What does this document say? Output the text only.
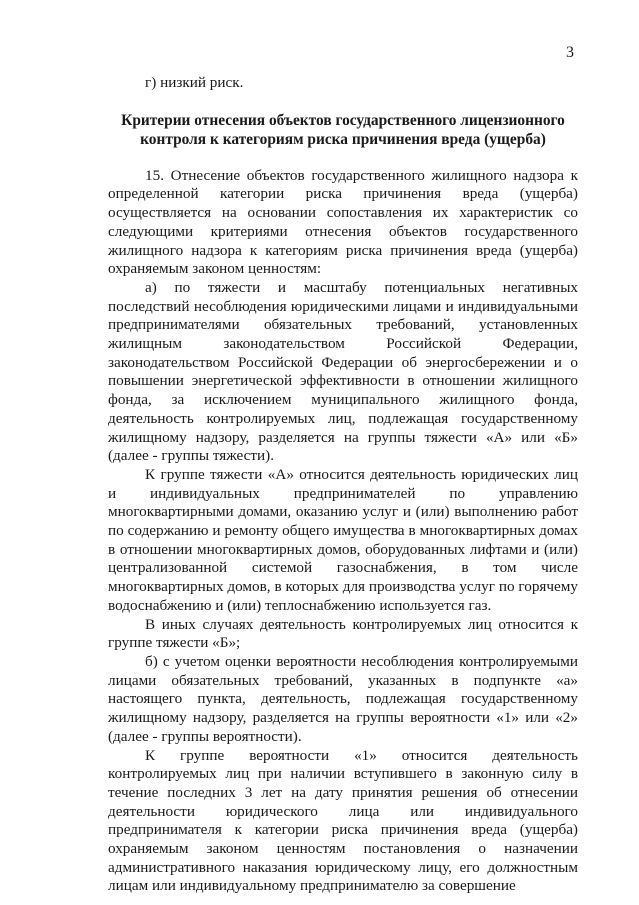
3

г) низкий риск.

Критерии отнесения объектов государственного лицензионного
контроля к категориям риска причинения вреда (ущерба)

15. Отнесение объектов государственного жилищного надзора к определенной категории риска причинения вреда (ущерба) осуществляется на основании сопоставления их характеристик со следующими критериями отнесения объектов государственного жилищного надзора к категориям риска причинения вреда (ущерба) охраняемым законом ценностям:

а) по тяжести и масштабу потенциальных негативных последствий несоблюдения юридическими лицами и индивидуальными предпринимателями обязательных требований, установленных жилищным законодательством Российской Федерации, законодательством Российской Федерации об энергосбережении и о повышении энергетической эффективности в отношении жилищного фонда, за исключением муниципального жилищного фонда, деятельность контролируемых лиц, подлежащая государственному жилищному надзору, разделяется на группы тяжести «А» или «Б» (далее - группы тяжести).

К группе тяжести «А» относится деятельность юридических лиц и индивидуальных предпринимателей по управлению многоквартирными домами, оказанию услуг и (или) выполнению работ по содержанию и ремонту общего имущества в многоквартирных домах в отношении многоквартирных домов, оборудованных лифтами и (или) централизованной системой газоснабжения, в том числе многоквартирных домов, в которых для производства услуг по горячему водоснабжению и (или) теплоснабжению используется газ.

В иных случаях деятельность контролируемых лиц относится к группе тяжести «Б»;

б) с учетом оценки вероятности несоблюдения контролируемыми лицами обязательных требований, указанных в подпункте «а» настоящего пункта, деятельность, подлежащая государственному жилищному надзору, разделяется на группы вероятности «1» или «2» (далее - группы вероятности).

К группе вероятности «1» относится деятельность контролируемых лиц при наличии вступившего в законную силу в течение последних 3 лет на дату принятия решения об отнесении деятельности юридического лица или индивидуального предпринимателя к категории риска причинения вреда (ущерба) охраняемым законом ценностям постановления о назначении административного наказания юридическому лицу, его должностным лицам или индивидуальному предпринимателю за совершение
